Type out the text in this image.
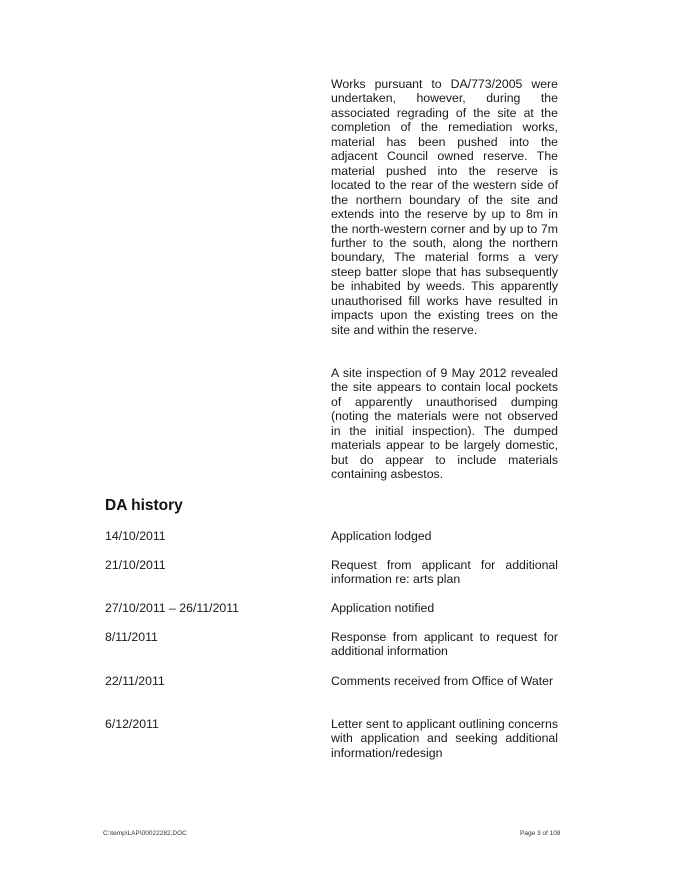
Works pursuant to DA/773/2005 were undertaken, however, during the associated regrading of the site at the completion of the remediation works, material has been pushed into the adjacent Council owned reserve. The material pushed into the reserve is located to the rear of the western side of the northern boundary of the site and extends into the reserve by up to 8m in the north-western corner and by up to 7m further to the south, along the northern boundary, The material forms a very steep batter slope that has subsequently be inhabited by weeds. This apparently unauthorised fill works have resulted in impacts upon the existing trees on the site and within the reserve.

A site inspection of 9 May 2012 revealed the site appears to contain local pockets of apparently unauthorised dumping (noting the materials were not observed in the initial inspection). The dumped materials appear to be largely domestic, but do appear to include materials containing asbestos.

DA history
14/10/2011	Application lodged
21/10/2011	Request from applicant for additional information re: arts plan
27/10/2011 – 26/11/2011	Application notified
8/11/2011	Response from applicant to request for additional information
22/11/2011	Comments received from Office of Water
6/12/2011	Letter sent to applicant outlining concerns with application and seeking additional information/redesign
C:\temp\LAP\00022282.DOC	Page 3 of 108
